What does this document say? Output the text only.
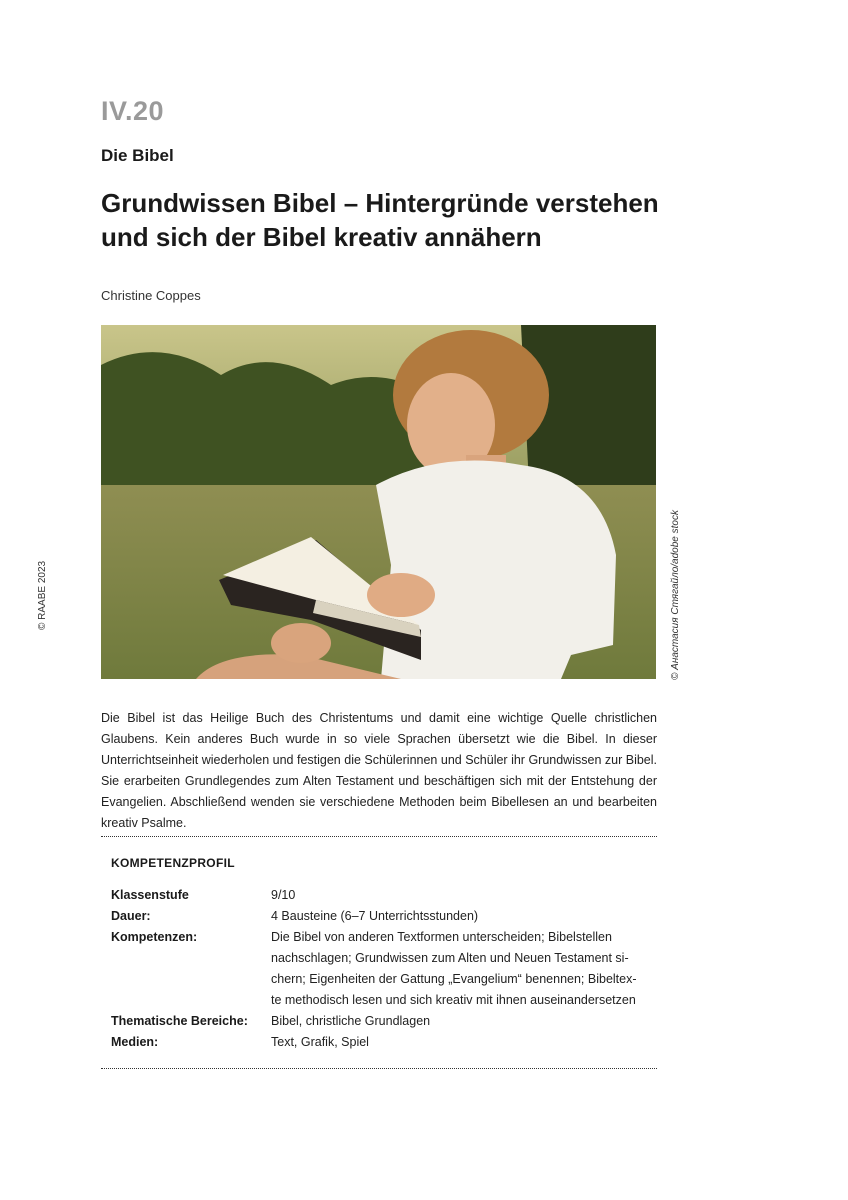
IV.20
Die Bibel
Grundwissen Bibel – Hintergründe verstehen
und sich der Bibel kreativ annähern
Christine Coppes
© Анастасия Стягайло/adobe stock
© RAABE 2023
Die Bibel ist das Heilige Buch des Christentums und damit eine wichtige Quelle christlichen Glaubens. Kein anderes Buch wurde in so viele Sprachen übersetzt wie die Bibel. In dieser Unterrichtseinheit wiederholen und festigen die Schülerinnen und Schüler ihr Grundwissen zur Bibel. Sie erarbeiten Grundlegendes zum Alten Testament und beschäftigen sich mit der Entstehung der Evangelien. Abschließend wenden sie verschiedene Methoden beim Bibellesen an und bearbeiten kreativ Psalme.
KOMPETENZPROFIL
Klassenstufe	9/10
Dauer:	4 Bausteine (6–7 Unterrichtsstunden)
Kompetenzen:	Die Bibel von anderen Textformen unterscheiden; Bibelstellen
nachschlagen; Grundwissen zum Alten und Neuen Testament si-
chern; Eigenheiten der Gattung „Evangelium“ benennen; Bibeltex-
te methodisch lesen und sich kreativ mit ihnen auseinandersetzen
Thematische Bereiche:	Bibel, christliche Grundlagen
Medien:	Text, Grafik, Spiel
